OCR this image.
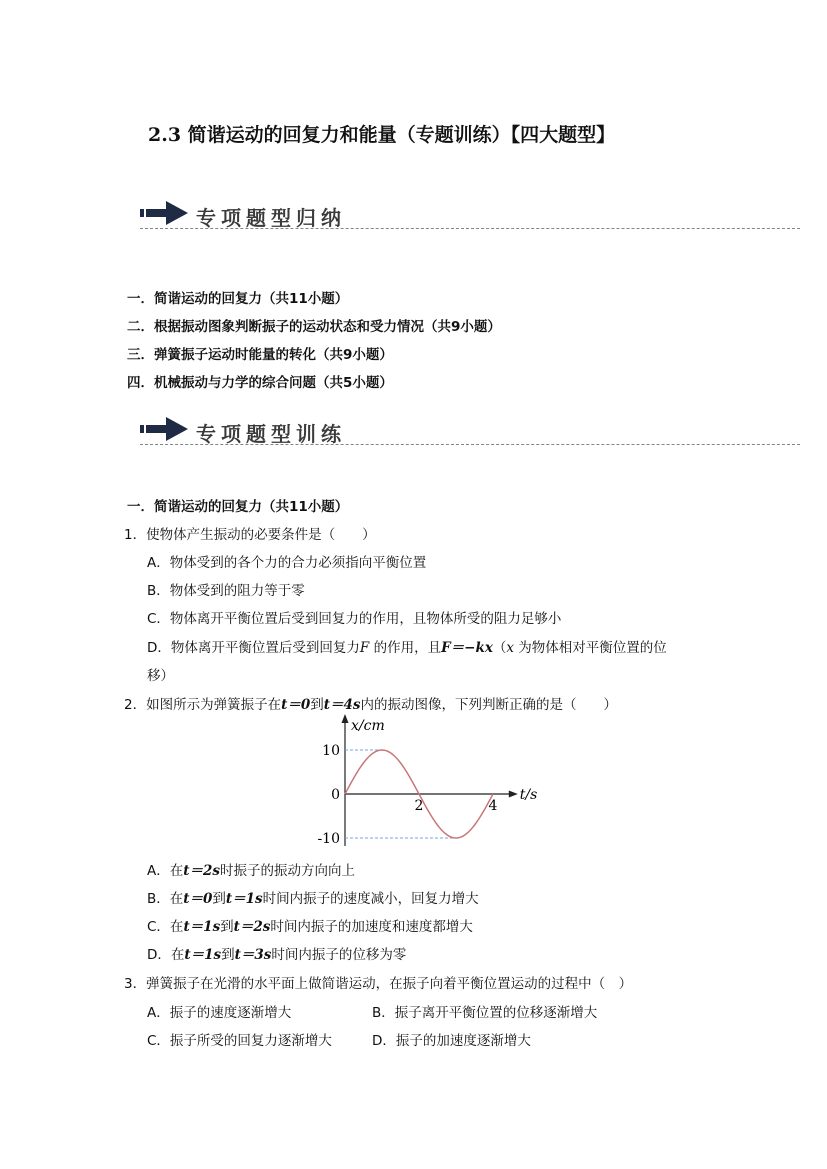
2.3 简谐运动的回复力和能量（专题训练）【四大题型】
专项题型归纳
一．简谐运动的回复力（共11小题）
二．根据振动图象判断振子的运动状态和受力情况（共9小题）
三．弹簧振子运动时能量的转化（共9小题）
四．机械振动与力学的综合问题（共5小题）
专项题型训练
一．简谐运动的回复力（共11小题）
1．使物体产生振动的必要条件是（　　）
A．物体受到的各个力的合力必须指向平衡位置
B．物体受到的阻力等于零
C．物体离开平衡位置后受到回复力的作用，且物体所受的阻力足够小
D．物体离开平衡位置后受到回复力F 的作用，且F＝−kx（x 为物体相对平衡位置的位
移）
2．如图所示为弹簧振子在t＝0到t＝4s内的振动图像，下列判断正确的是（　　）
t/s
x/cm
10
0
-10
2	4
A．在t＝2s时振子的振动方向向上
B．在t＝0到t＝1s时间内振子的速度减小，回复力增大
C．在t＝1s到t＝2s时间内振子的加速度和速度都增大
D．在t＝1s到t＝3s时间内振子的位移为零
3．弹簧振子在光滑的水平面上做简谐运动，在振子向着平衡位置运动的过程中（　）
A．振子的速度逐渐增大	B．振子离开平衡位置的位移逐渐增大
C．振子所受的回复力逐渐增大	D．振子的加速度逐渐增大
